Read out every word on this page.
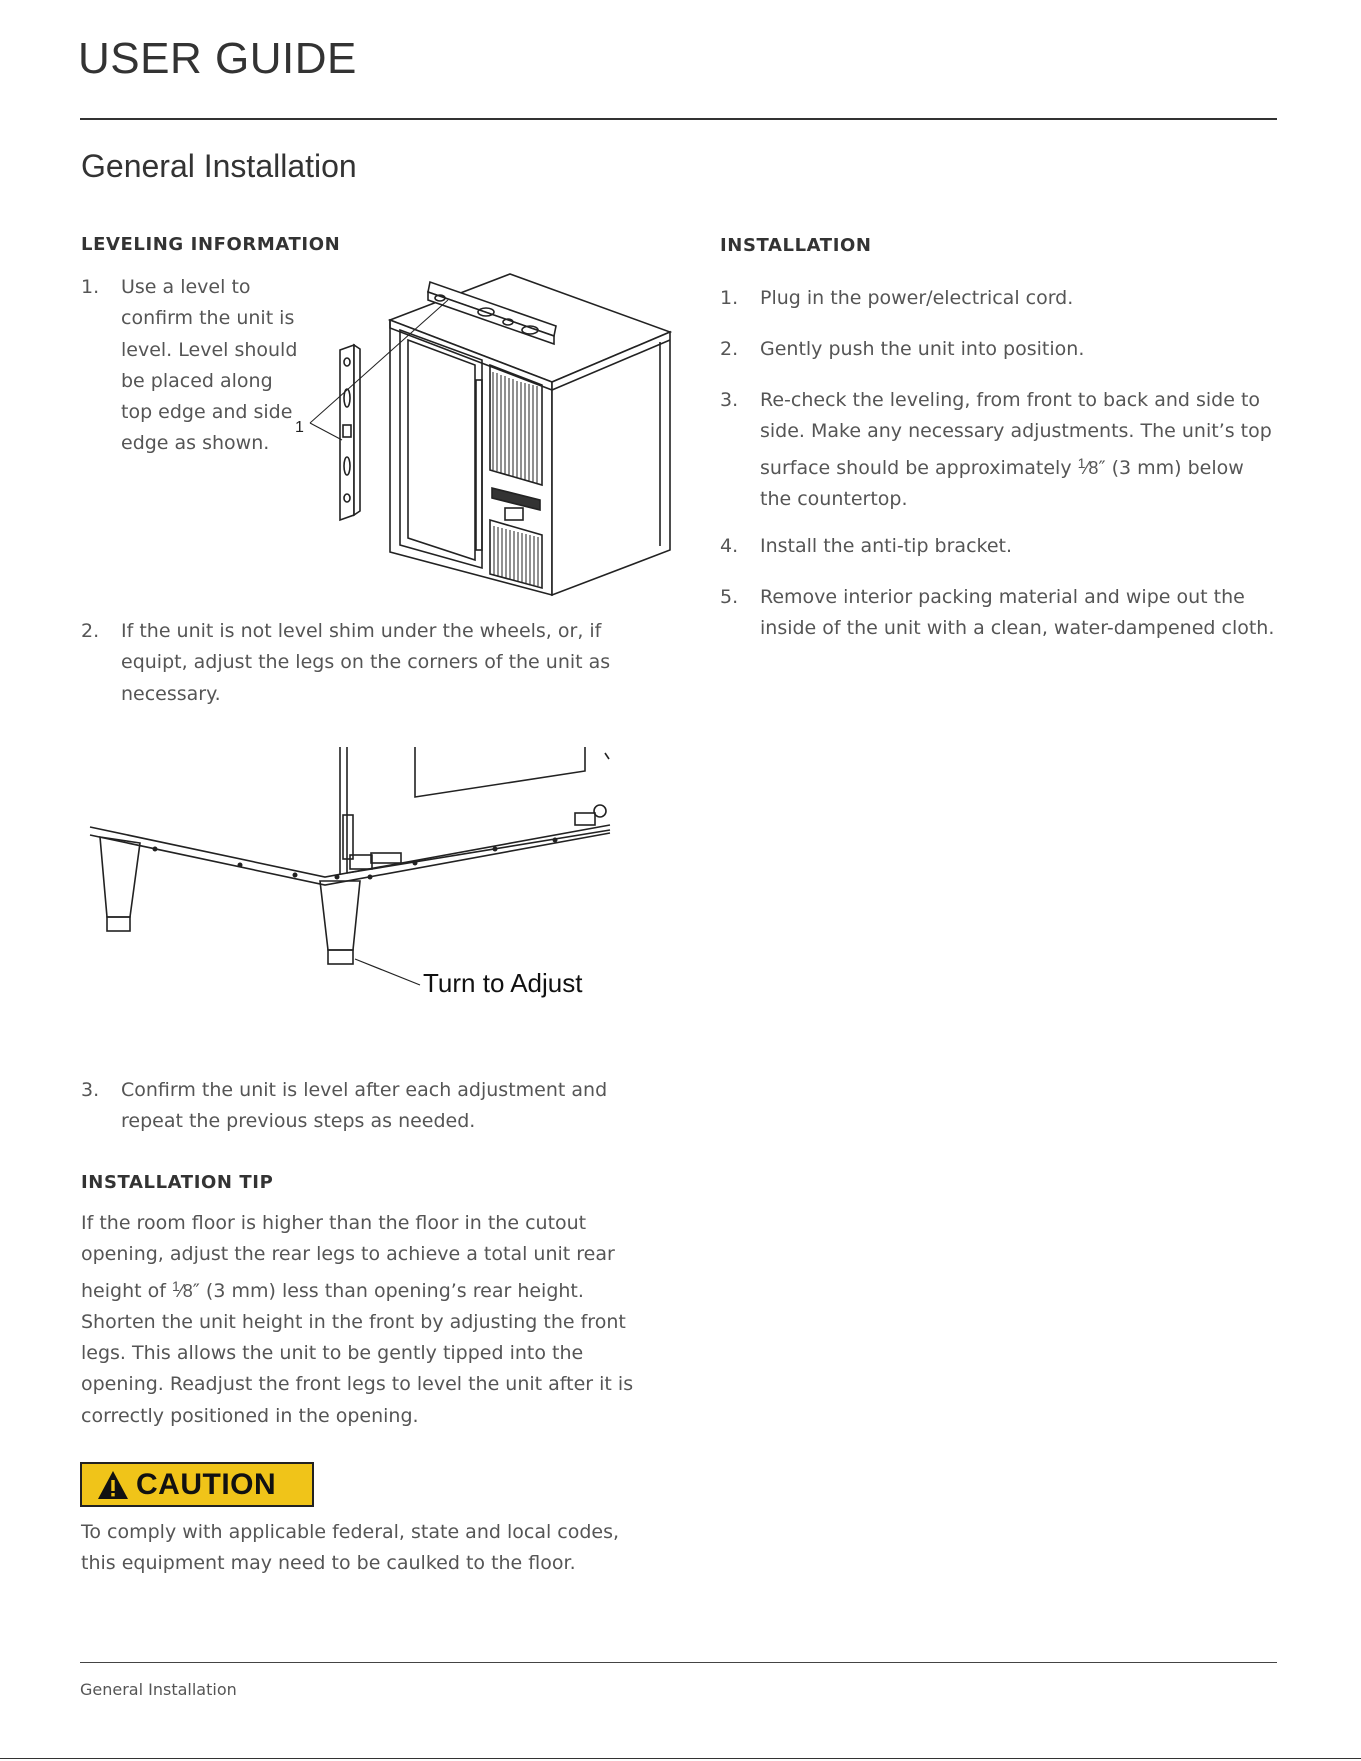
USER GUIDE
General Installation
LEVELING INFORMATION
1. Use a level to
confirm the unit is
level. Level should
be placed along
top edge and side
edge as shown.
1
2. If the unit is not level shim under the wheels, or, if
equipt, adjust the legs on the corners of the unit as
necessary.
Turn to Adjust
3. Confirm the unit is level after each adjustment and
repeat the previous steps as needed.
INSTALLATION TIP
If the room floor is higher than the floor in the cutout
opening, adjust the rear legs to achieve a total unit rear
height of $^1$⁄8″ (3 mm) less than opening’s rear height.
Shorten the unit height in the front by adjusting the front
legs. This allows the unit to be gently tipped into the
opening. Readjust the front legs to level the unit after it is
correctly positioned in the opening.
CAUTION
To comply with applicable federal, state and local codes,
this equipment may need to be caulked to the floor.
INSTALLATION
1. Plug in the power/electrical cord.
2. Gently push the unit into position.
3. Re-check the leveling, from front to back and side to
side. Make any necessary adjustments. The unit’s top
surface should be approximately $^1$⁄8″ (3 mm) below
the countertop.
4. Install the anti-tip bracket.
5. Remove interior packing material and wipe out the
inside of the unit with a clean, water-dampened cloth.
General Installation
